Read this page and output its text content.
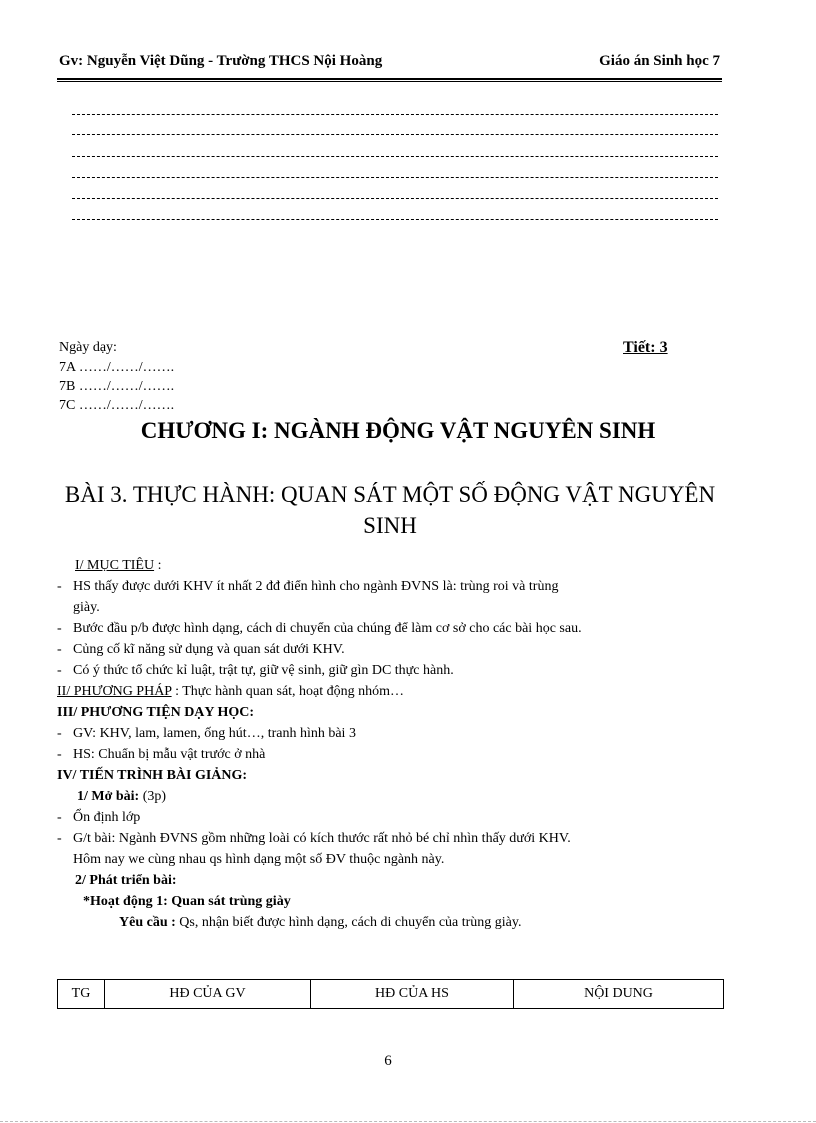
Gv: Nguyễn Việt Dũng - Trường THCS Nội Hoàng	Giáo án Sinh học 7
Ngày dạy:
7A ……/……/…….
7B ……/……/…….
7C ……/……/…….
Tiết: 3
CHƯƠNG I: NGÀNH ĐỘNG VẬT NGUYÊN SINH
BÀI 3. THỰC HÀNH: QUAN SÁT MỘT SỐ ĐỘNG VẬT NGUYÊN SINH
I/ MỤC TIÊU :
- HS thấy được dưới KHV ít nhất 2 đđ điển hình cho ngành ĐVNS là: trùng roi và trùng
giày.
- Bước đầu p/b được hình dạng, cách di chuyển của chúng để làm cơ sở cho các bài học sau.
- Củng cố kĩ năng sử dụng và quan sát dưới KHV.
- Có ý thức tổ chức kỉ luật, trật tự, giữ vệ sinh, giữ gìn DC thực hành.
II/ PHƯƠNG PHÁP : Thực hành quan sát, hoạt động nhóm…
III/ PHƯƠNG TIỆN DẠY HỌC:
- GV: KHV, lam, lamen, ống hút…, tranh hình bài 3
- HS: Chuẩn bị mẫu vật trước ở nhà
IV/ TIẾN TRÌNH BÀI GIẢNG:
1/ Mở bài: (3p)
- Ổn định lớp
- G/t bài: Ngành ĐVNS gồm những loài có kích thước rất nhỏ bé chỉ nhìn thấy dưới KHV.
Hôm nay we cùng nhau qs hình dạng một số ĐV thuộc ngành này.
2/ Phát triển bài:
*Hoạt động 1: Quan sát trùng giày
Yêu cầu : Qs, nhận biết được hình dạng, cách di chuyển của trùng giày.
TG	HĐ CỦA GV	HĐ CỦA HS	NỘI DUNG
6
